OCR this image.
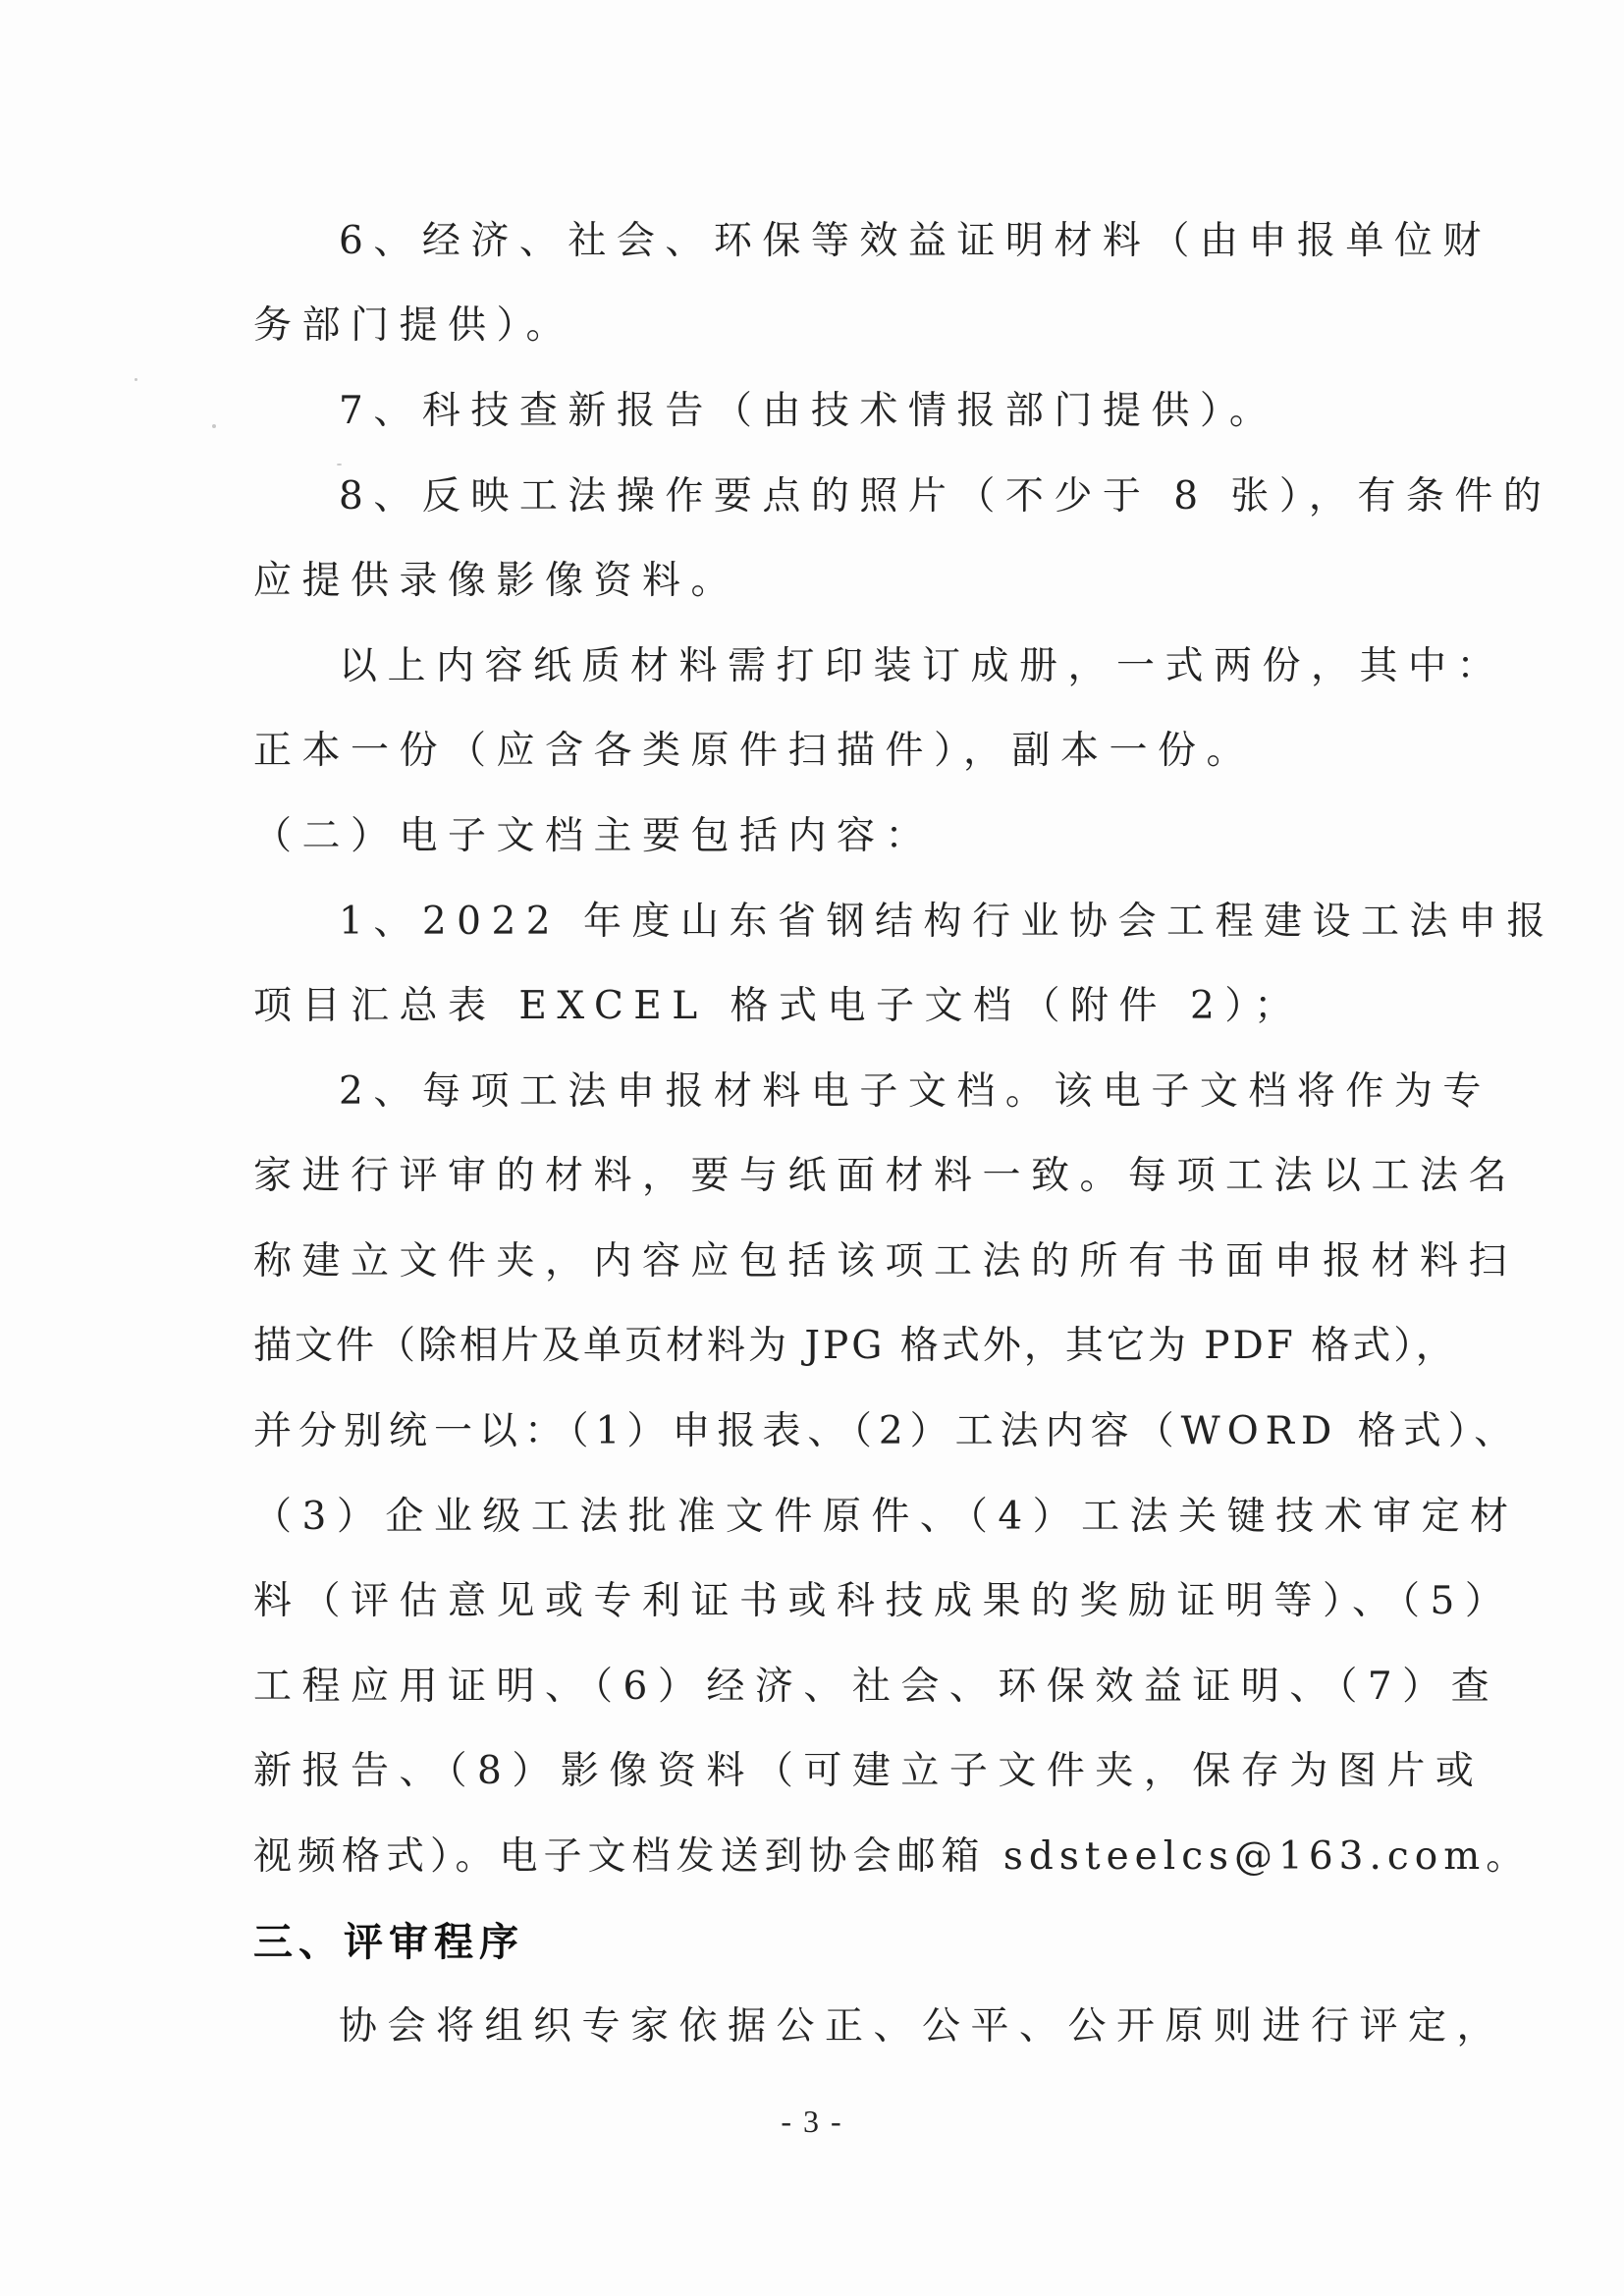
6、经济、社会、环保等效益证明材料（由申报单位财
务部门提供）。
7、科技查新报告（由技术情报部门提供）。
8、反映工法操作要点的照片（不少于 8 张），有条件的
应提供录像影像资料。
以上内容纸质材料需打印装订成册，一式两份，其中：
正本一份（应含各类原件扫描件），副本一份。
（二）电子文档主要包括内容：
1、2022 年度山东省钢结构行业协会工程建设工法申报
项目汇总表 EXCEL 格式电子文档（附件 2）；
2、每项工法申报材料电子文档。该电子文档将作为专
家进行评审的材料，要与纸面材料一致。每项工法以工法名
称建立文件夹，内容应包括该项工法的所有书面申报材料扫
描文件（除相片及单页材料为 JPG 格式外，其它为 PDF 格式），
并分别统一以：（1）申报表、（2）工法内容（WORD 格式）、
（3）企业级工法批准文件原件、（4）工法关键技术审定材
料（评估意见或专利证书或科技成果的奖励证明等）、（5）
工程应用证明、（6）经济、社会、环保效益证明、（7）查
新报告、（8）影像资料（可建立子文件夹，保存为图片或
视频格式）。电子文档发送到协会邮箱 sdsteelcs@163.com。
三、评审程序
协会将组织专家依据公正、公平、公开原则进行评定，
- 3 -
